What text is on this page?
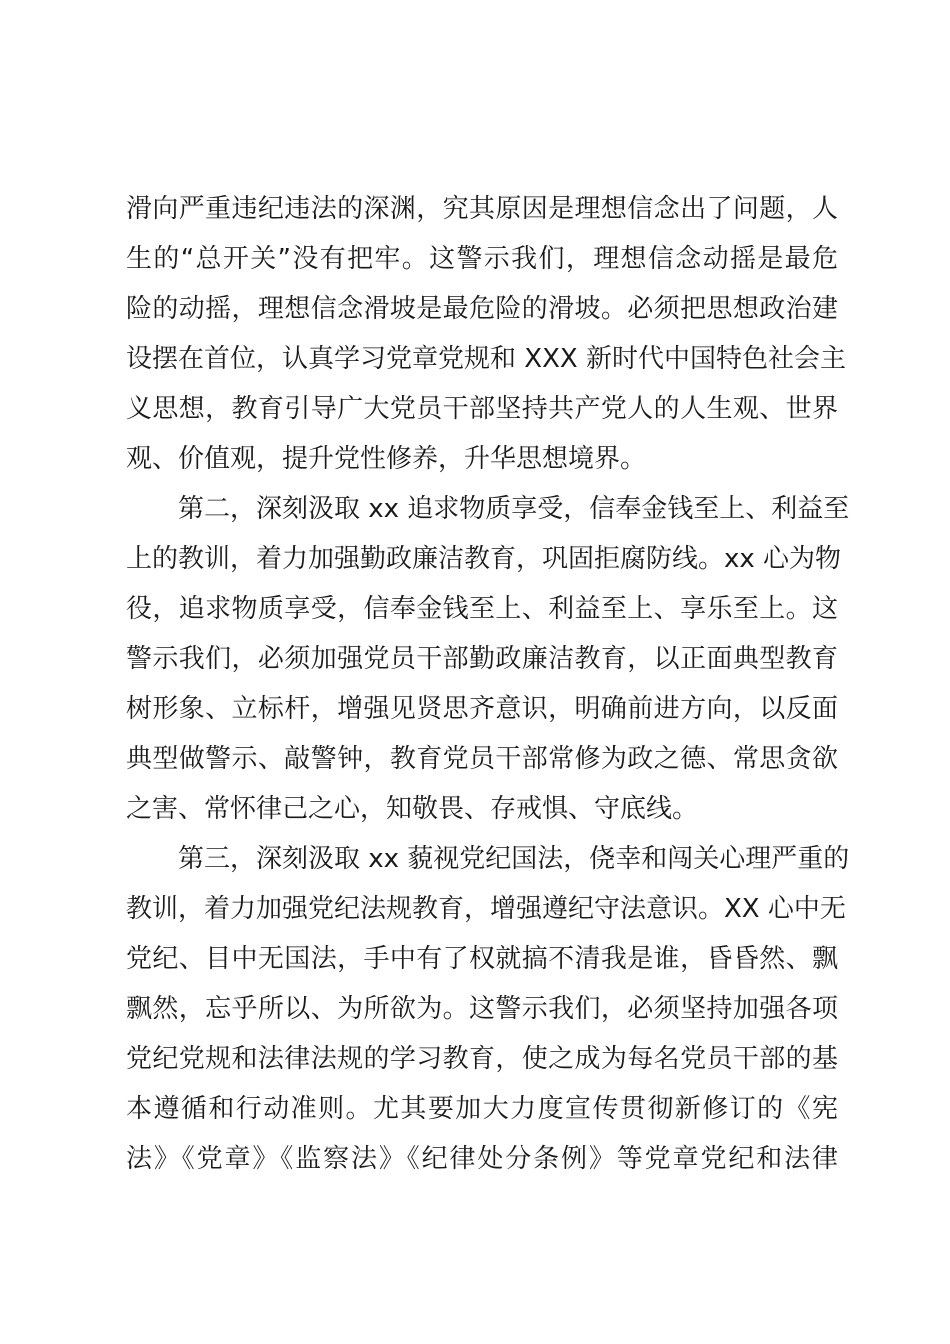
滑向严重违纪违法的深渊，究其原因是理想信念出了问题，人
生的“总开关”没有把牢。这警示我们，理想信念动摇是最危
险的动摇，理想信念滑坡是最危险的滑坡。必须把思想政治建
设摆在首位，认真学习党章党规和 XXX 新时代中国特色社会主
义思想，教育引导广大党员干部坚持共产党人的人生观、世界
观、价值观，提升党性修养，升华思想境界。
第二，深刻汲取 xx 追求物质享受，信奉金钱至上、利益至
上的教训，着力加强勤政廉洁教育，巩固拒腐防线。xx 心为物
役，追求物质享受，信奉金钱至上、利益至上、享乐至上。这
警示我们，必须加强党员干部勤政廉洁教育，以正面典型教育
树形象、立标杆，增强见贤思齐意识，明确前进方向，以反面
典型做警示、敲警钟，教育党员干部常修为政之德、常思贪欲
之害、常怀律己之心，知敬畏、存戒惧、守底线。
第三，深刻汲取 xx 藐视党纪国法，侥幸和闯关心理严重的
教训，着力加强党纪法规教育，增强遵纪守法意识。XX 心中无
党纪、目中无国法，手中有了权就搞不清我是谁，昏昏然、飘
飘然，忘乎所以、为所欲为。这警示我们，必须坚持加强各项
党纪党规和法律法规的学习教育，使之成为每名党员干部的基
本遵循和行动准则。尤其要加大力度宣传贯彻新修订的《宪
法》《党章》《监察法》《纪律处分条例》等党章党纪和法律
